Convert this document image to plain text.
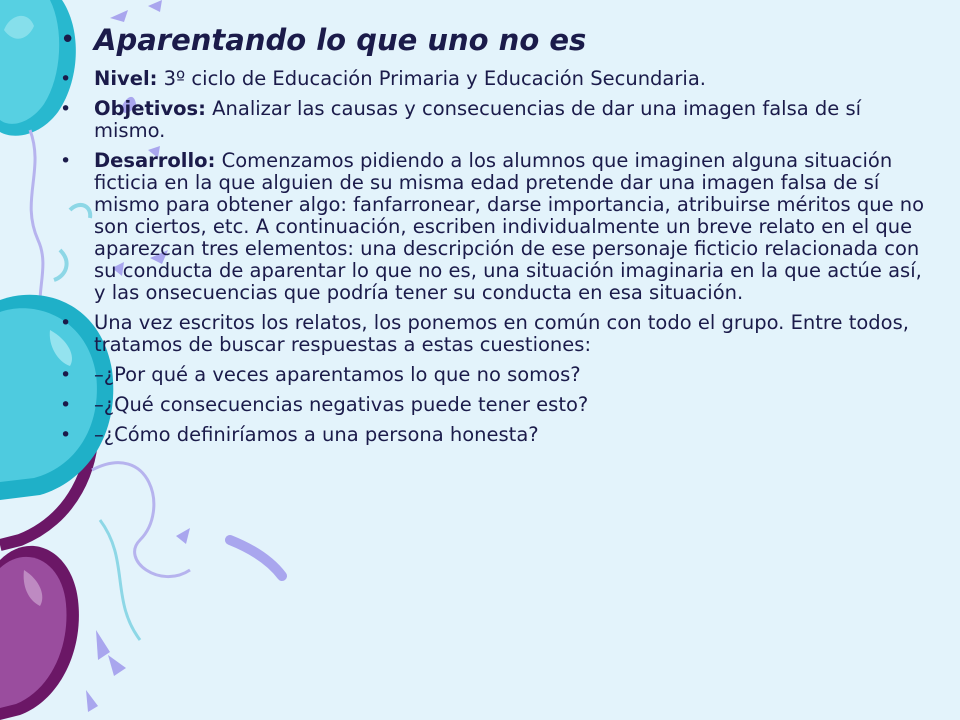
• Aparentando lo que uno no es
• Nivel: 3º ciclo de Educación Primaria y Educación Secundaria.
• Objetivos: Analizar las causas y consecuencias de dar una imagen falsa de sí mismo.
• Desarrollo: Comenzamos pidiendo a los alumnos que imaginen alguna situación ficticia en la que alguien de su misma edad pretende dar una imagen falsa de sí mismo para obtener algo: fanfarronear, darse importancia, atribuirse méritos que no son ciertos, etc. A continuación, escriben individualmente un breve relato en el que aparezcan tres elementos: una descripción de ese personaje ficticio relacionada con su conducta de aparentar lo que no es, una situación imaginaria en la que actúe así, y las onsecuencias que podría tener su conducta en esa situación.
• Una vez escritos los relatos, los ponemos en común con todo el grupo. Entre todos, tratamos de buscar respuestas a estas cuestiones:
• –¿Por qué a veces aparentamos lo que no somos?
• –¿Qué consecuencias negativas puede tener esto?
• –¿Cómo definiríamos a una persona honesta?
